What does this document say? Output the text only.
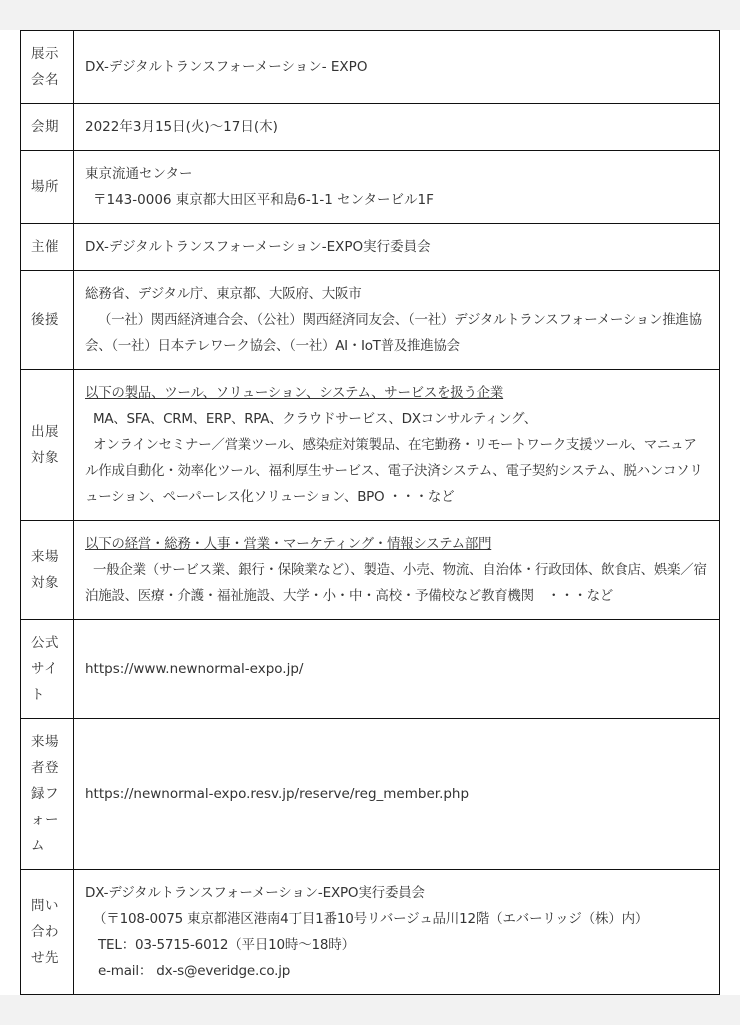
展示会名	DX-デジタルトランスフォーメーション- EXPO

会期	2022年3月15日(火)〜17日(木)

場所	東京流通センター
〒143-0006 東京都大田区平和島6-1-1 センタービル1F

主催	DX-デジタルトランスフォーメーション-EXPO実行委員会

後援	総務省、デジタル庁、東京都、大阪府、大阪市
（一社）関西経済連合会、（公社）関西経済同友会、（一社）デジタルトランスフォーメーション推進協会、（一社）日本テレワーク協会、（一社）AI・IoT普及推進協会

出展対象	以下の製品、ツール、ソリューション、システム、サービスを扱う企業
MA、SFA、CRM、ERP、RPA、クラウドサービス、DXコンサルティング、
オンラインセミナー／営業ツール、感染症対策製品、在宅勤務・リモートワーク支援ツール、マニュアル作成自動化・効率化ツール、福利厚生サービス、電子決済システム、電子契約システム、脱ハンコソリューション、ペーパーレス化ソリューション、BPO ・・・など

来場対象	以下の経営・総務・人事・営業・マーケティング・情報システム部門
一般企業（サービス業、銀行・保険業など）、製造、小売、物流、自治体・行政団体、飲食店、娯楽／宿泊施設、医療・介護・福祉施設、大学・小・中・高校・予備校など教育機関　・・・など

公式サイト	https://www.newnormal-expo.jp/

来場者登録フォーム	https://newnormal-expo.resv.jp/reserve/reg_member.php

問い合わせ先	DX-デジタルトランスフォーメーション-EXPO実行委員会
（〒108-0075 東京都港区港南4丁目1番10号リバージュ品川12階（エバーリッジ（株）内）
TEL：03-5715-6012（平日10時〜18時）
e-mail： dx-s@everidge.co.jp
